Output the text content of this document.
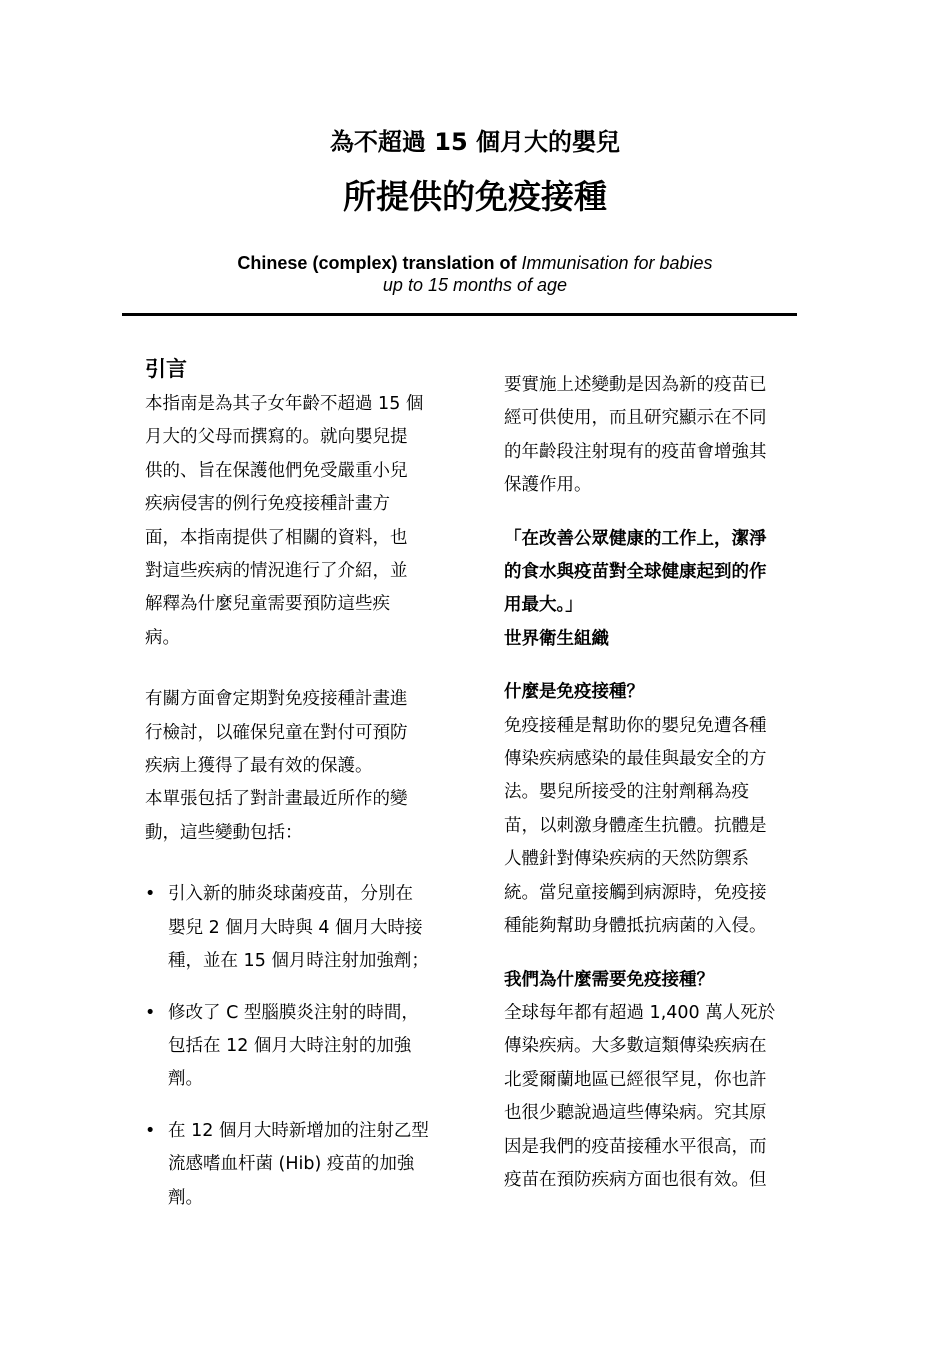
為不超過 15 個月大的嬰兒
所提供的免疫接種
Chinese (complex) translation of Immunisation for babies
up to 15 months of age

引言

本指南是為其子女年齡不超過 15 個
月大的父母而撰寫的。就向嬰兒提
供的、旨在保護他們免受嚴重小兒
疾病侵害的例行免疫接種計畫方
面，本指南提供了相關的資料，也
對這些疾病的情況進行了介紹，並
解釋為什麼兒童需要預防這些疾
病。

有關方面會定期對免疫接種計畫進
行檢討，以確保兒童在對付可預防
疾病上獲得了最有效的保護。
本單張包括了對計畫最近所作的變
動，這些變動包括：

• 引入新的肺炎球菌疫苗，分別在
嬰兒 2 個月大時與 4 個月大時接
種，並在 15 個月時注射加強劑；
• 修改了 C 型腦膜炎注射的時間，
包括在 12 個月大時注射的加強
劑。
• 在 12 個月大時新增加的注射乙型
流感嗜血杆菌 (Hib) 疫苗的加強
劑。

要實施上述變動是因為新的疫苗已
經可供使用，而且研究顯示在不同
的年齡段注射現有的疫苗會增強其
保護作用。

「在改善公眾健康的工作上，潔淨
的食水與疫苗對全球健康起到的作
用最大。」
世界衛生組織

什麼是免疫接種？

免疫接種是幫助你的嬰兒免遭各種
傳染疾病感染的最佳與最安全的方
法。嬰兒所接受的注射劑稱為疫
苗，以刺激身體產生抗體。抗體是
人體針對傳染疾病的天然防禦系
統。當兒童接觸到病源時，免疫接
種能夠幫助身體抵抗病菌的入侵。

我們為什麼需要免疫接種？

全球每年都有超過 1,400 萬人死於
傳染疾病。大多數這類傳染疾病在
北愛爾蘭地區已經很罕見，你也許
也很少聽說過這些傳染病。究其原
因是我們的疫苗接種水平很高，而
疫苗在預防疾病方面也很有效。但
